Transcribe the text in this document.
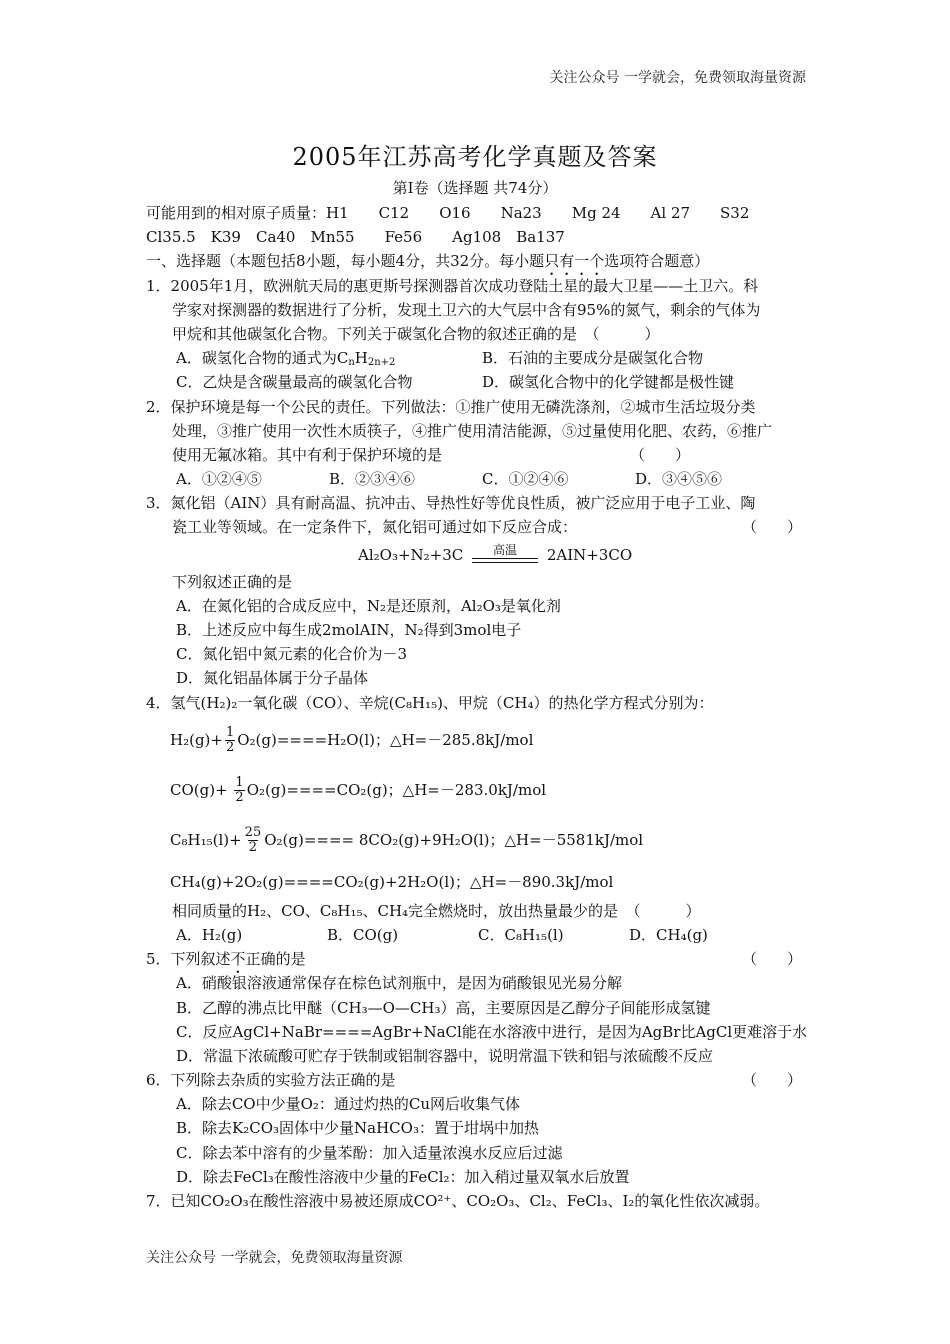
关注公众号 一学就会，免费领取海量资源
2005年江苏高考化学真题及答案
第Ⅰ卷（选择题 共74分）
可能用到的相对原子质量：H1　　C12　　O16　　Na23　　Mg 24　　Al 27　　S32
Cl35.5　K39　Ca40　Mn55　　Fe56　　Ag108　Ba137
一、选择题（本题包括8小题，每小题4分，共32分。每小题只有一个选项符合题意）
1．2005年1月，欧洲航天局的惠更斯号探测器首次成功登陆土星的最大卫星——土卫六。科
学家对探测器的数据进行了分析，发现土卫六的大气层中含有95%的氮气，剩余的气体为
甲烷和其他碳氢化合物。下列关于碳氢化合物的叙述正确的是　（　　　）
A．碳氢化合物的通式为$C_nH_{2n+2}$	B．石油的主要成分是碳氢化合物
C．乙炔是含碳量最高的碳氢化合物	D．碳氢化合物中的化学键都是极性键
2．保护环境是每一个公民的责任。下列做法：①推广使用无磷洗涤剂，②城市生活垃圾分类
处理，③推广使用一次性木质筷子，④推广使用清洁能源，⑤过量使用化肥、农药，⑥推广
使用无氟冰箱。其中有利于保护环境的是	（　　）
A．①②④⑤	B．②③④⑥	C．①②④⑥	D．③④⑤⑥
3．氮化铝（AIN）具有耐高温、抗冲击、导热性好等优良性质，被广泛应用于电子工业、陶
瓷工业等领域。在一定条件下，氮化铝可通过如下反应合成：	（　　）
Al₂O₃+N₂+3C	高温	2AIN+3CO
下列叙述正确的是
A．在氮化铝的合成反应中，N₂是还原剂，Al₂O₃是氧化剂
B．上述反应中每生成2molAIN，N₂得到3mol电子
C．氮化铝中氮元素的化合价为－3
D．氮化铝晶体属于分子晶体
4．氢气(H₂)₂一氧化碳（CO）、辛烷(C₈H₁₅)、甲烷（CH₄）的热化学方程式分别为：
$H_2(g)+ \frac{1}{2} O_2(g)====H_2O(l)$；△H=－285.8kJ/mol
$CO(g)+ \frac{1}{2} O_2(g)====CO_2(g)$；△H=－283.0kJ/mol
$C_8H_{15}(l)+ \frac{25}{2} O_2(g)==== 8CO_2(g)+9H_2O(l)$；△H=－5581kJ/mol
CH₄(g)+2O₂(g)====CO₂(g)+2H₂O(l)；△H=－890.3kJ/mol
相同质量的H₂、CO、C₈H₁₅、CH₄完全燃烧时，放出热量最少的是　（　　　）
A．H₂(g)	B．CO(g)	C．C₈H₁₅(l)	D．CH₄(g)
5．下列叙述不正确的是	（　　）
A．硝酸银溶液通常保存在棕色试剂瓶中，是因为硝酸银见光易分解
B．乙醇的沸点比甲醚（CH₃—O—CH₃）高，主要原因是乙醇分子间能形成氢键
C．反应AgCl+NaBr====AgBr+NaCl能在水溶液中进行，是因为AgBr比AgCl更难溶于水
D．常温下浓硫酸可贮存于铁制或铝制容器中，说明常温下铁和铝与浓硫酸不反应
6．下列除去杂质的实验方法正确的是	（　　）
A．除去CO中少量O₂：通过灼热的Cu网后收集气体
B．除去K₂CO₃固体中少量NaHCO₃：置于坩埚中加热
C．除去苯中溶有的少量苯酚：加入适量浓溴水反应后过滤
D．除去FeCl₃在酸性溶液中少量的FeCl₂：加入稍过量双氧水后放置
7．已知CO₂O₃在酸性溶液中易被还原成CO²⁺、CO₂O₃、Cl₂、FeCl₃、I₂的氧化性依次减弱。
关注公众号 一学就会，免费领取海量资源
